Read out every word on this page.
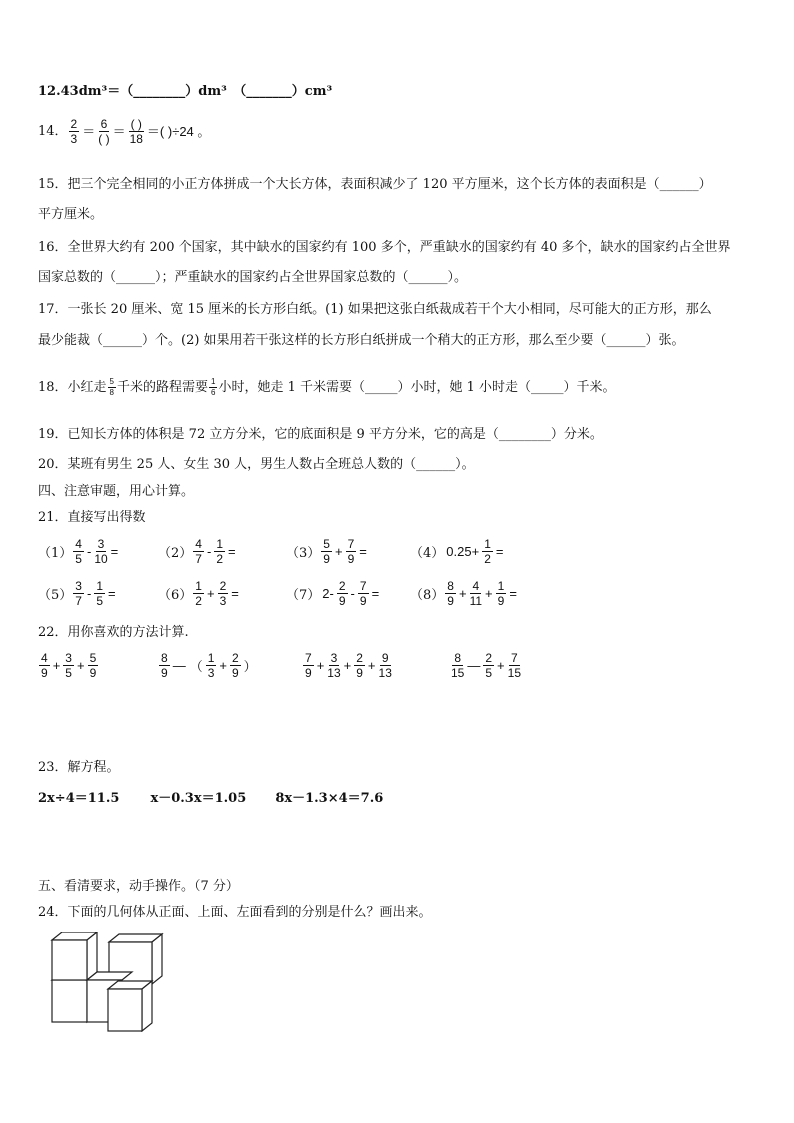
12.43dm³＝（________）dm³　（_______）cm³
14． $\frac{2}{3} = \frac{6}{( )} = \frac{( )}{18}$ ＝( )÷24 。
15．把三个完全相同的小正方体拼成一个大长方体，表面积减少了 120 平方厘米，这个长方体的表面积是（______）
平方厘米。
16．全世界大约有 200 个国家，其中缺水的国家约有 100 多个，严重缺水的国家约有 40 多个，缺水的国家约占全世界
国家总数的（______）；严重缺水的国家约占全世界国家总数的（______）。
17．一张长 20 厘米、宽 15 厘米的长方形白纸。(1) 如果把这张白纸裁成若干个大小相同，尽可能大的正方形，那么
最少能裁（______）个。(2) 如果用若干张这样的长方形白纸拼成一个稍大的正方形，那么至少要（______）张。
18．小红走 $\frac{5}{8}$ 千米的路程需要 $\frac{1}{6}$ 小时，她走 1 千米需要（_____）小时，她 1 小时走（_____）千米。
19．已知长方体的体积是 72 立方分米，它的底面积是 9 平方分米，它的高是（________）分米。
20．某班有男生 25 人、女生 30 人，男生人数占全班总人数的（______）。
四、注意审题，用心计算。
21．直接写出得数
$(1) \frac{4}{5} - \frac{3}{10}$ =	$(2) \frac{4}{7} - \frac{1}{2}$ =	$(3) \frac{5}{9} + \frac{7}{9}$ =	（4） $0.25+ \frac{1}{2}$ =
$(5) \frac{3}{7} - \frac{1}{5}$ =	$(6) \frac{1}{2} + \frac{2}{3}$ =	（7） $2- \frac{2}{9} - \frac{7}{9} = (8) \frac{8}{9} + \frac{4}{11} + \frac{1}{9}$ =
22．用你喜欢的方法计算.
$\frac{4}{9} + \frac{3}{5} + \frac{5}{9}$	$\frac{8}{9}$ — （ $\frac{1}{3} + \frac{2}{9}$ ）	$\frac{7}{9} + \frac{3}{13} + \frac{2}{9} + \frac{9}{13}$	$\frac{8}{15}$ — $\frac{2}{5} + \frac{7}{15}$
23．解方程。
2x÷4＝11.5 x－0.3x＝1.05 8x－1.3×4＝7.6
五、看清要求，动手操作。（7 分）
24．下面的几何体从正面、上面、左面看到的分别是什么？画出来。
